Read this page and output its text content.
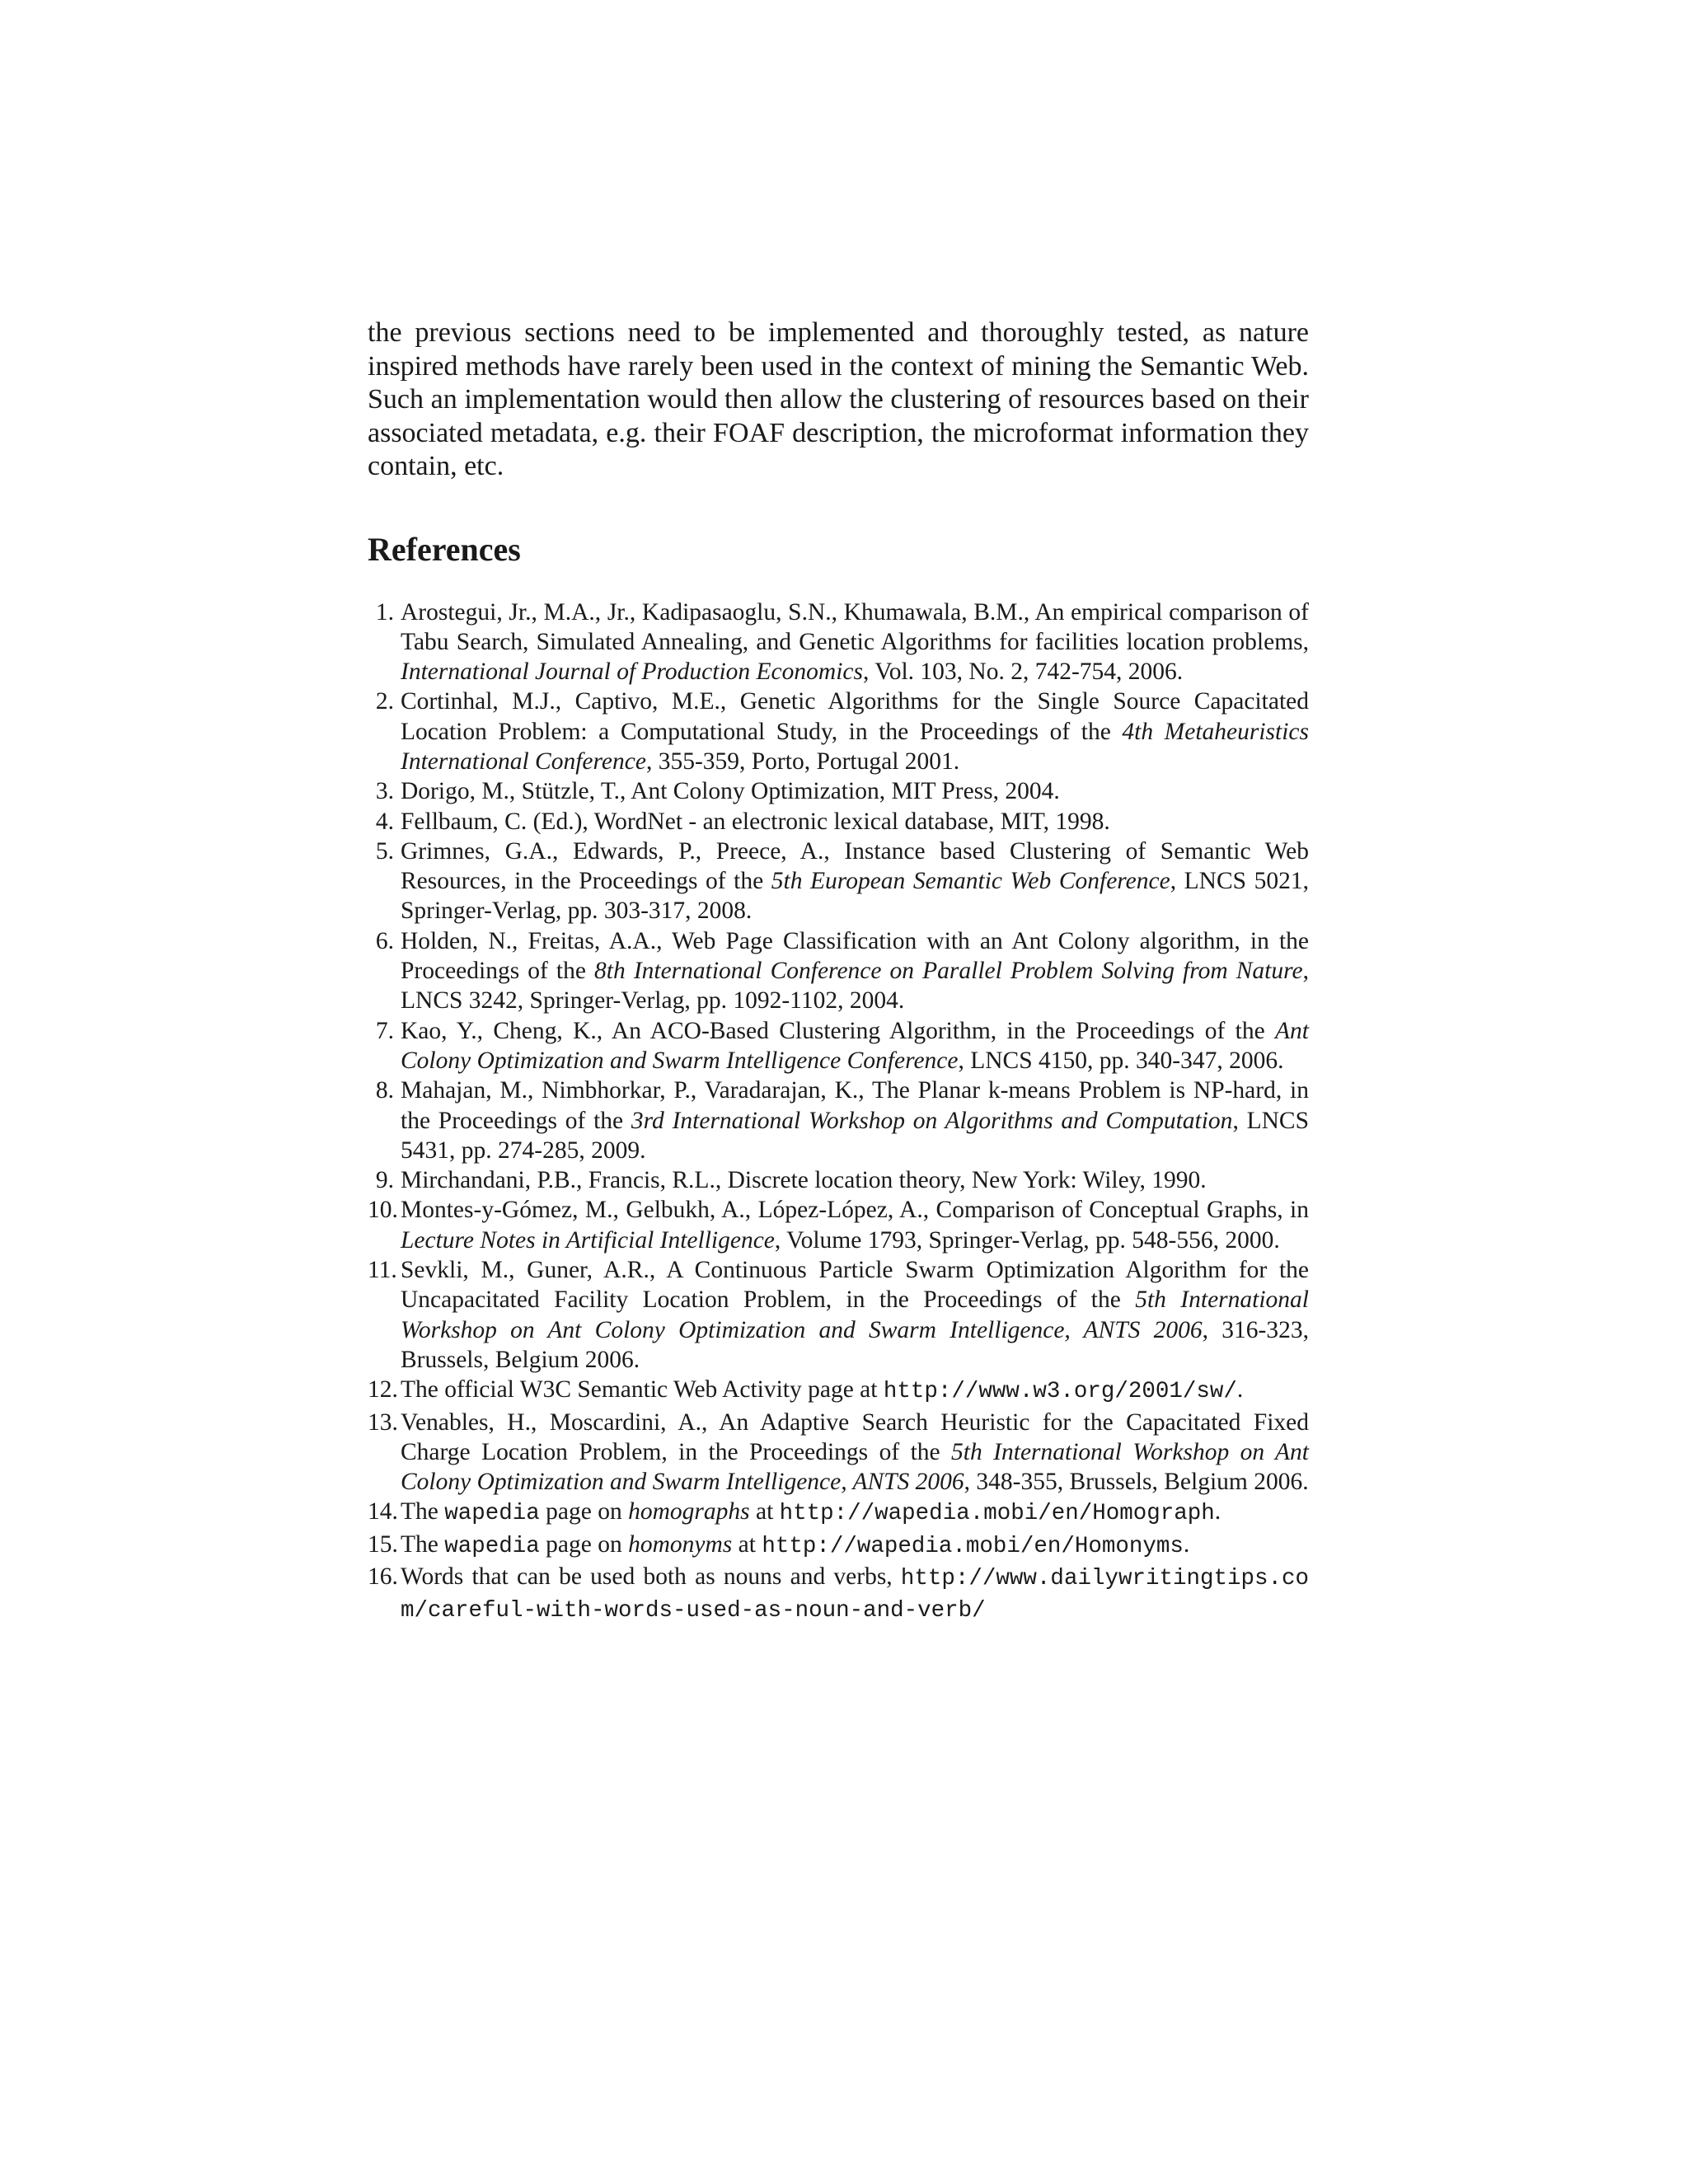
the previous sections need to be implemented and thoroughly tested, as nature inspired methods have rarely been used in the context of mining the Semantic Web. Such an implementation would then allow the clustering of resources based on their associated metadata, e.g. their FOAF description, the microformat information they contain, etc.

References
1. Arostegui, Jr., M.A., Jr., Kadipasaoglu, S.N., Khumawala, B.M., An empirical comparison of Tabu Search, Simulated Annealing, and Genetic Algorithms for facilities location problems, International Journal of Production Economics, Vol. 103, No. 2, 742-754, 2006.
2. Cortinhal, M.J., Captivo, M.E., Genetic Algorithms for the Single Source Capacitated Location Problem: a Computational Study, in the Proceedings of the 4th Metaheuristics International Conference, 355-359, Porto, Portugal 2001.
3. Dorigo, M., Stützle, T., Ant Colony Optimization, MIT Press, 2004.
4. Fellbaum, C. (Ed.), WordNet - an electronic lexical database, MIT, 1998.
5. Grimnes, G.A., Edwards, P., Preece, A., Instance based Clustering of Semantic Web Resources, in the Proceedings of the 5th European Semantic Web Conference, LNCS 5021, Springer-Verlag, pp. 303-317, 2008.
6. Holden, N., Freitas, A.A., Web Page Classification with an Ant Colony algorithm, in the Proceedings of the 8th International Conference on Parallel Problem Solving from Nature, LNCS 3242, Springer-Verlag, pp. 1092-1102, 2004.
7. Kao, Y., Cheng, K., An ACO-Based Clustering Algorithm, in the Proceedings of the Ant Colony Optimization and Swarm Intelligence Conference, LNCS 4150, pp. 340-347, 2006.
8. Mahajan, M., Nimbhorkar, P., Varadarajan, K., The Planar k-means Problem is NP-hard, in the Proceedings of the 3rd International Workshop on Algorithms and Computation, LNCS 5431, pp. 274-285, 2009.
9. Mirchandani, P.B., Francis, R.L., Discrete location theory, New York: Wiley, 1990.
10. Montes-y-Gómez, M., Gelbukh, A., López-López, A., Comparison of Conceptual Graphs, in Lecture Notes in Artificial Intelligence, Volume 1793, Springer-Verlag, pp. 548-556, 2000.
11. Sevkli, M., Guner, A.R., A Continuous Particle Swarm Optimization Algorithm for the Uncapacitated Facility Location Problem, in the Proceedings of the 5th International Workshop on Ant Colony Optimization and Swarm Intelligence, ANTS 2006, 316-323, Brussels, Belgium 2006.
12. The official W3C Semantic Web Activity page at http://www.w3.org/2001/sw/.
13. Venables, H., Moscardini, A., An Adaptive Search Heuristic for the Capacitated Fixed Charge Location Problem, in the Proceedings of the 5th International Workshop on Ant Colony Optimization and Swarm Intelligence, ANTS 2006, 348-355, Brussels, Belgium 2006.
14. The wapedia page on homographs at http://wapedia.mobi/en/Homograph.
15. The wapedia page on homonyms at http://wapedia.mobi/en/Homonyms.
16. Words that can be used both as nouns and verbs, http://www.dailywritingtips.com/careful-with-words-used-as-noun-and-verb/
